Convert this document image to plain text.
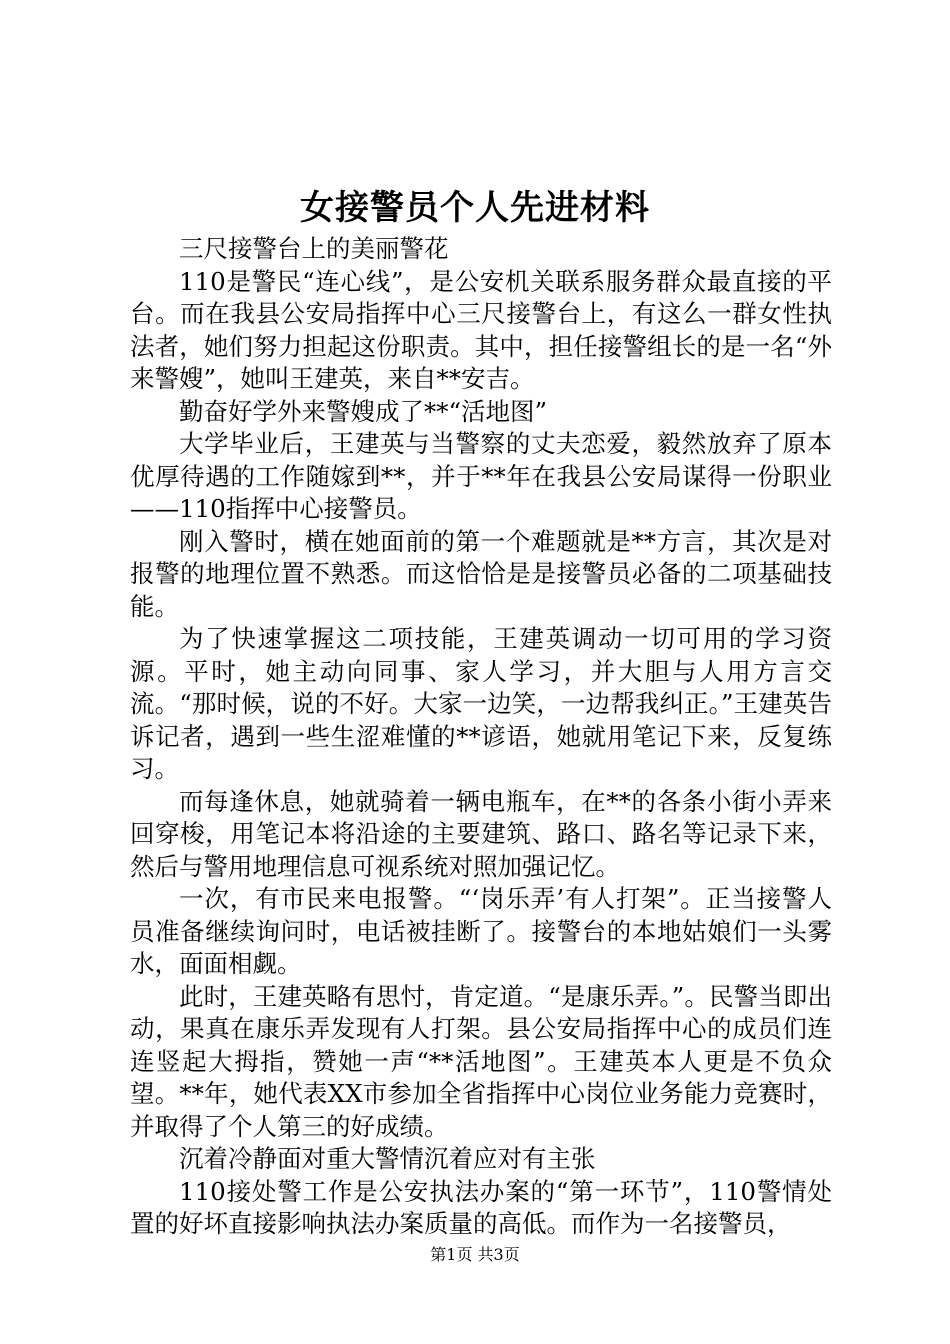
女接警员个人先进材料

三尺接警台上的美丽警花

110是警民“连心线”，是公安机关联系服务群众最直接的平台。而在我县公安局指挥中心三尺接警台上，有这么一群女性执法者，她们努力担起这份职责。其中，担任接警组长的是一名“外来警嫂”，她叫王建英，来自**安吉。

勤奋好学外来警嫂成了**“活地图”

大学毕业后，王建英与当警察的丈夫恋爱，毅然放弃了原本优厚待遇的工作随嫁到**，并于**年在我县公安局谋得一份职业——110指挥中心接警员。

刚入警时，横在她面前的第一个难题就是**方言，其次是对报警的地理位置不熟悉。而这恰恰是是接警员必备的二项基础技能。

为了快速掌握这二项技能，王建英调动一切可用的学习资源。平时，她主动向同事、家人学习，并大胆与人用方言交流。“那时候，说的不好。大家一边笑，一边帮我纠正。”王建英告诉记者，遇到一些生涩难懂的**谚语，她就用笔记下来，反复练习。

而每逢休息，她就骑着一辆电瓶车，在**的各条小街小弄来回穿梭，用笔记本将沿途的主要建筑、路口、路名等记录下来，然后与警用地理信息可视系统对照加强记忆。

一次，有市民来电报警。“‘岗乐弄’有人打架”。正当接警人员准备继续询问时，电话被挂断了。接警台的本地姑娘们一头雾水，面面相觑。

此时，王建英略有思忖，肯定道。“是康乐弄。”。民警当即出动，果真在康乐弄发现有人打架。县公安局指挥中心的成员们连连竖起大拇指，赞她一声“**活地图”。王建英本人更是不负众望。**年，她代表XX市参加全省指挥中心岗位业务能力竞赛时，并取得了个人第三的好成绩。

沉着冷静面对重大警情沉着应对有主张

110接处警工作是公安执法办案的“第一环节”，110警情处置的好坏直接影响执法办案质量的高低。而作为一名接警员，

第1页 共3页
